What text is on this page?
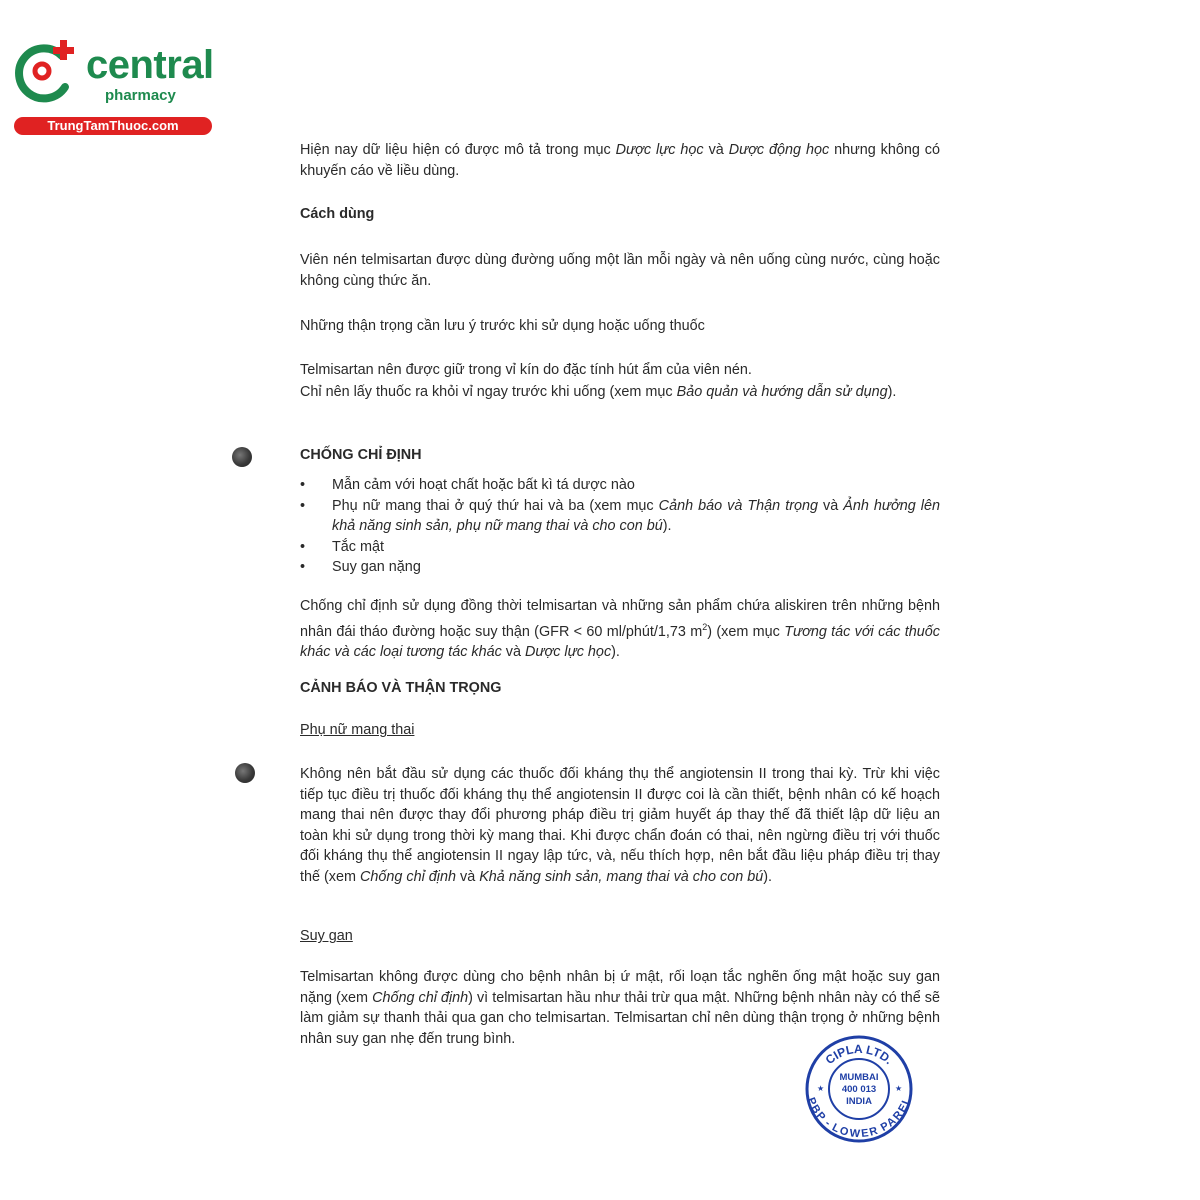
central
pharmacy
TrungTamThuoc.com

Hiện nay dữ liệu hiện có được mô tả trong mục Dược lực học và Dược động học nhưng không có khuyến cáo về liều dùng.

Cách dùng

Viên nén telmisartan được dùng đường uống một lần mỗi ngày và nên uống cùng nước, cùng hoặc không cùng thức ăn.

Những thận trọng cần lưu ý trước khi sử dụng hoặc uống thuốc

Telmisartan nên được giữ trong vỉ kín do đặc tính hút ẩm của viên nén.

Chỉ nên lấy thuốc ra khỏi vỉ ngay trước khi uống (xem mục Bảo quản và hướng dẫn sử dụng).

CHỐNG CHỈ ĐỊNH

• Mẫn cảm với hoạt chất hoặc bất kì tá dược nào
• Phụ nữ mang thai ở quý thứ hai và ba (xem mục Cảnh báo và Thận trọng và Ảnh hưởng lên khả năng sinh sản, phụ nữ mang thai và cho con bú).
• Tắc mật
• Suy gan nặng

Chống chỉ định sử dụng đồng thời telmisartan và những sản phẩm chứa aliskiren trên những bệnh nhân đái tháo đường hoặc suy thận (GFR < 60 ml/phút/1,73 $m^2$) (xem mục Tương tác với các thuốc khác và các loại tương tác khác và Dược lực học).

CẢNH BÁO VÀ THẬN TRỌNG

Phụ nữ mang thai

Không nên bắt đầu sử dụng các thuốc đối kháng thụ thể angiotensin II trong thai kỳ. Trừ khi việc tiếp tục điều trị thuốc đối kháng thụ thể angiotensin II được coi là cần thiết, bệnh nhân có kế hoạch mang thai nên được thay đổi phương pháp điều trị giảm huyết áp thay thế đã thiết lập dữ liệu an toàn khi sử dụng trong thời kỳ mang thai. Khi được chẩn đoán có thai, nên ngừng điều trị với thuốc đối kháng thụ thể angiotensin II ngay lập tức, và, nếu thích hợp, nên bắt đầu liệu pháp điều trị thay thế (xem Chống chỉ định và Khả năng sinh sản, mang thai và cho con bú).

Suy gan

Telmisartan không được dùng cho bệnh nhân bị ứ mật, rối loạn tắc nghẽn ống mật hoặc suy gan nặng (xem Chống chỉ định) vì telmisartan hầu như thải trừ qua mật. Những bệnh nhân này có thể sẽ làm giảm sự thanh thải qua gan cho telmisartan. Telmisartan chỉ nên dùng thận trọng ở những bệnh nhân suy gan nhẹ đến trung bình.

CIPLA LTD.
PBP - LOWER PAREL
MUMBAI
400 013
INDIA
★	★
